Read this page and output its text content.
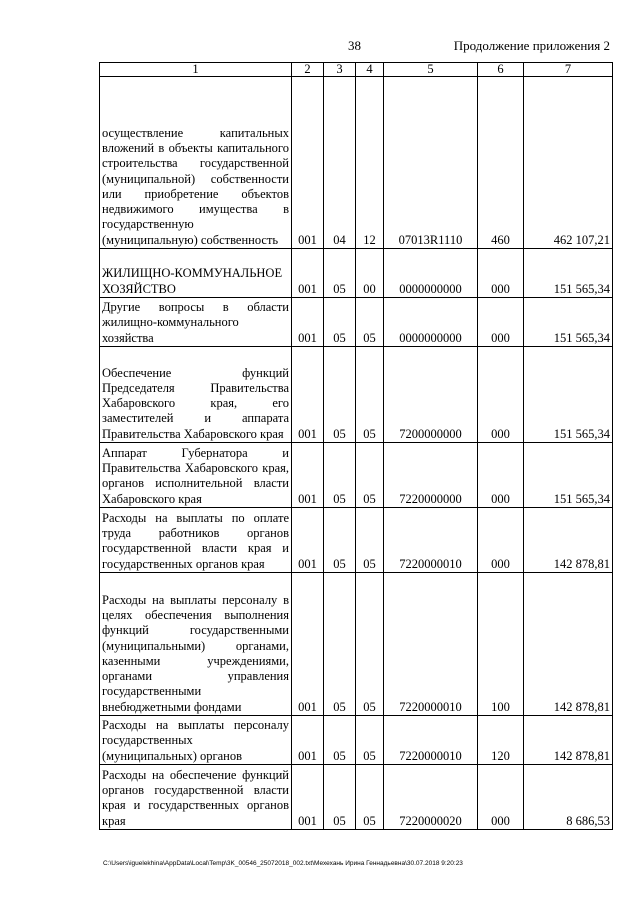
38	Продолжение приложения 2
1	2	3	4	5	6	7
осуществление капитальных вложений в объекты капитального строительства государственной (муниципальной) собственности или приобретение объектов недвижимого имущества в государственную (муниципальную) собственность	001	04	12	07013R1110	460	462 107,21
ЖИЛИЩНО-КОММУНАЛЬНОЕ ХОЗЯЙСТВО	001	05	00	0000000000	000	151 565,34
Другие вопросы в области жилищно-коммунального хозяйства	001	05	05	0000000000	000	151 565,34
Обеспечение функций Председателя Правительства Хабаровского края, его заместителей и аппарата Правительства Хабаровского края	001	05	05	7200000000	000	151 565,34
Аппарат Губернатора и Правительства Хабаровского края, органов исполнительной власти Хабаровского края	001	05	05	7220000000	000	151 565,34
Расходы на выплаты по оплате труда работников органов государственной власти края и государственных органов края	001	05	05	7220000010	000	142 878,81
Расходы на выплаты персоналу в целях обеспечения выполнения функций государственными (муниципальными) органами, казенными учреждениями, органами управления государственными внебюджетными фондами	001	05	05	7220000010	100	142 878,81
Расходы на выплаты персоналу государственных (муниципальных) органов	001	05	05	7220000010	120	142 878,81
Расходы на обеспечение функций органов государственной власти края и государственных органов края	001	05	05	7220000020	000	8 686,53
C:\Users\iguelekhina\AppData\Local\Temp\3K_00546_25072018_002.txt\Мехехань Ирина Геннадьевна\30.07.2018 9:20:23
